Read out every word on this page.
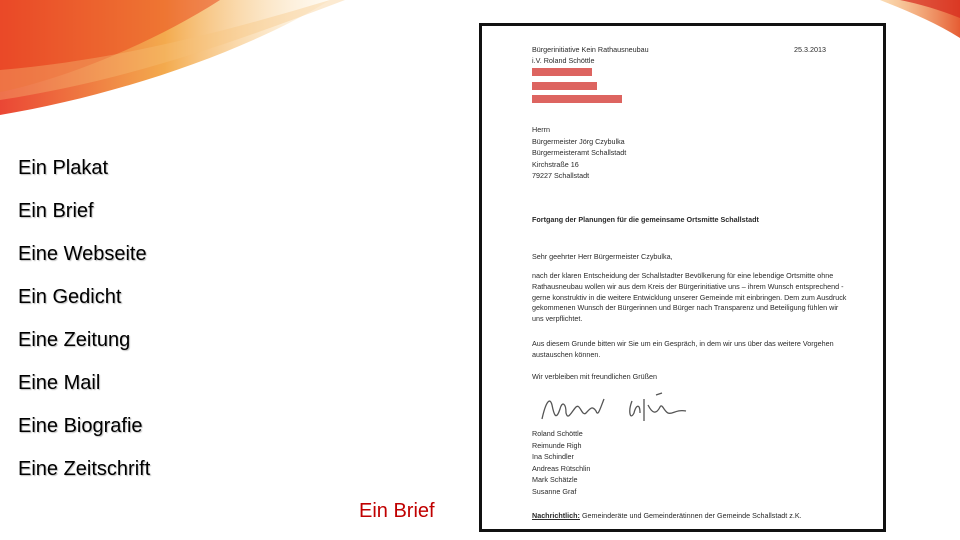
Ein Plakat
Ein Brief
Eine Webseite
Ein Gedicht
Eine Zeitung
Eine Mail
Eine Biografie
Eine Zeitschrift
Ein Brief
Bürgerinitiative Kein Rathausneubau
i.V. Roland Schöttle
25.3.2013
Herrn
Bürgermeister Jörg Czybulka
Bürgermeisteramt Schallstadt
Kirchstraße 16
79227 Schallstadt
Fortgang der Planungen für die gemeinsame Ortsmitte Schallstadt
Sehr geehrter Herr Bürgermeister Czybulka,
nach der klaren Entscheidung der Schallstadter Bevölkerung für eine lebendige Ortsmitte ohne Rathausneubau wollen wir aus dem Kreis der Bürgerinitiative uns – ihrem Wunsch entsprechend - gerne konstruktiv in die weitere Entwicklung unserer Gemeinde mit einbringen. Dem zum Ausdruck gekommenen Wunsch der Bürgerinnen und Bürger nach Transparenz und Beteiligung fühlen wir uns verpflichtet.
Aus diesem Grunde bitten wir Sie um ein Gespräch, in dem wir uns über das weitere Vorgehen austauschen können.
Wir verbleiben mit freundlichen Grüßen
Roland Schöttle
Reimunde Righ
Ina Schindler
Andreas Rütschlin
Mark Schätzle
Susanne Graf
Nachrichtlich: Gemeinderäte und Gemeinderätinnen der Gemeinde Schallstadt z.K.
